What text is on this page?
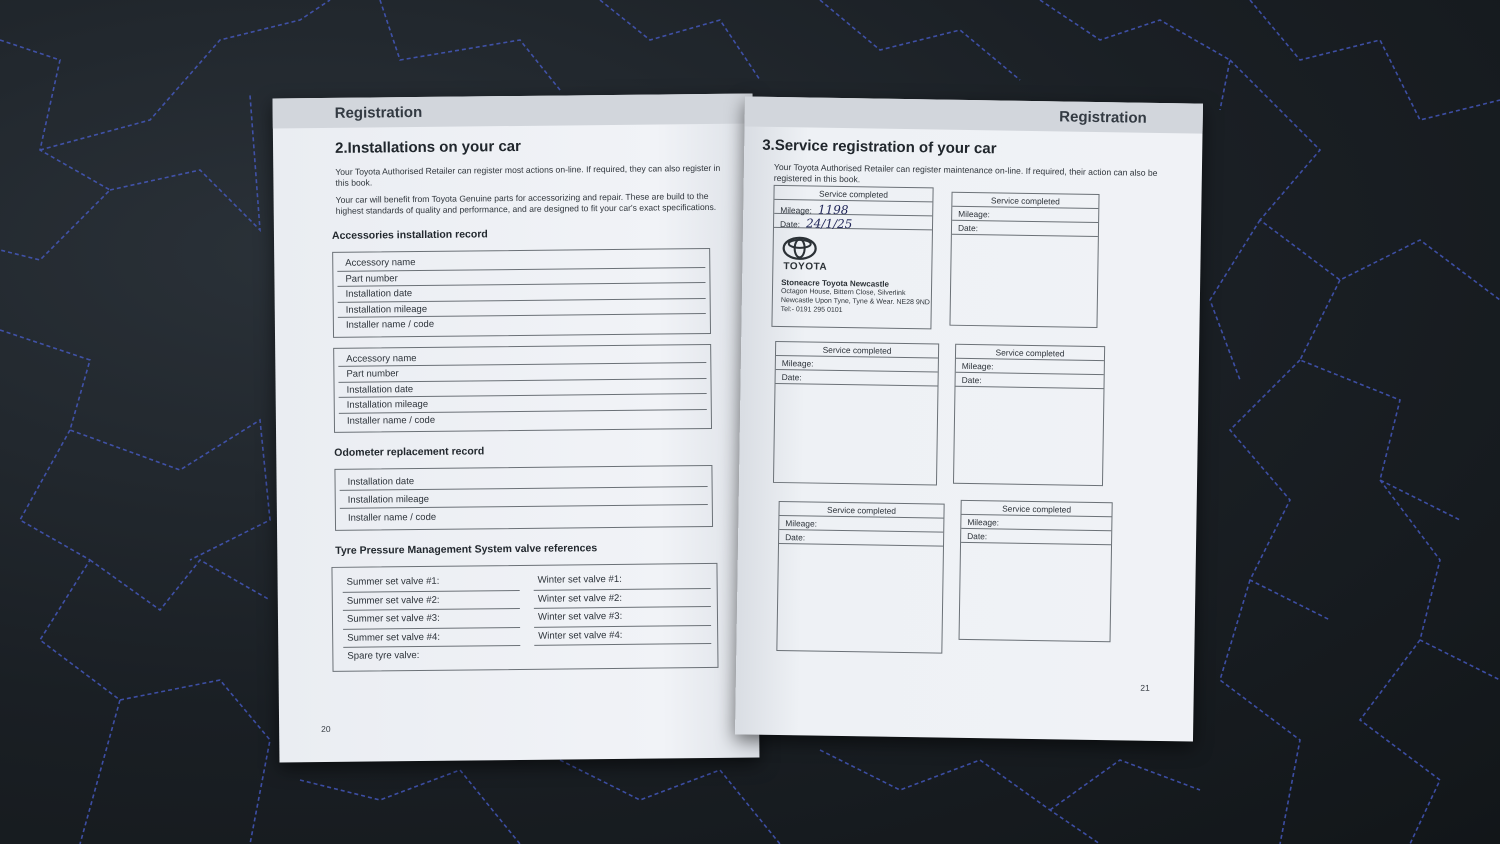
Registration
2.Installations on your car

Your Toyota Authorised Retailer can register most actions on-line. If required, they can also register in this book.

Your car will benefit from Toyota Genuine parts for accessorizing and repair. These are build to the highest standards of quality and performance, and are designed to fit your car's exact specifications.

Accessories installation record
Accessory name
Part number
Installation date
Installation mileage
Installer name / code
Accessory name
Part number
Installation date
Installation mileage
Installer name / code
Odometer replacement record
Installation date
Installation mileage
Installer name / code
Tyre Pressure Management System valve references
Summer set valve #1:	Winter set valve #1:
Summer set valve #2:	Winter set valve #2:
Summer set valve #3:	Winter set valve #3:
Summer set valve #4:	Winter set valve #4:
Spare tyre valve:
20
Registration
3.Service registration of your car

Your Toyota Authorised Retailer can register maintenance on-line. If required, their action can also be registered in this book.

Service completed
Mileage: 1198
Date: 24/1/25
TOYOTA
Stoneacre Toyota Newcastle
Octagon House, Bittern Close, Silverlink
Newcastle Upon Tyne, Tyne & Wear. NE28 9ND
Tel:- 0191 295 0101
Service completed
Mileage:
Date:
Service completed
Mileage:
Date:
Service completed
Mileage:
Date:
Service completed
Mileage:
Date:
Service completed
Mileage:
Date:
21
